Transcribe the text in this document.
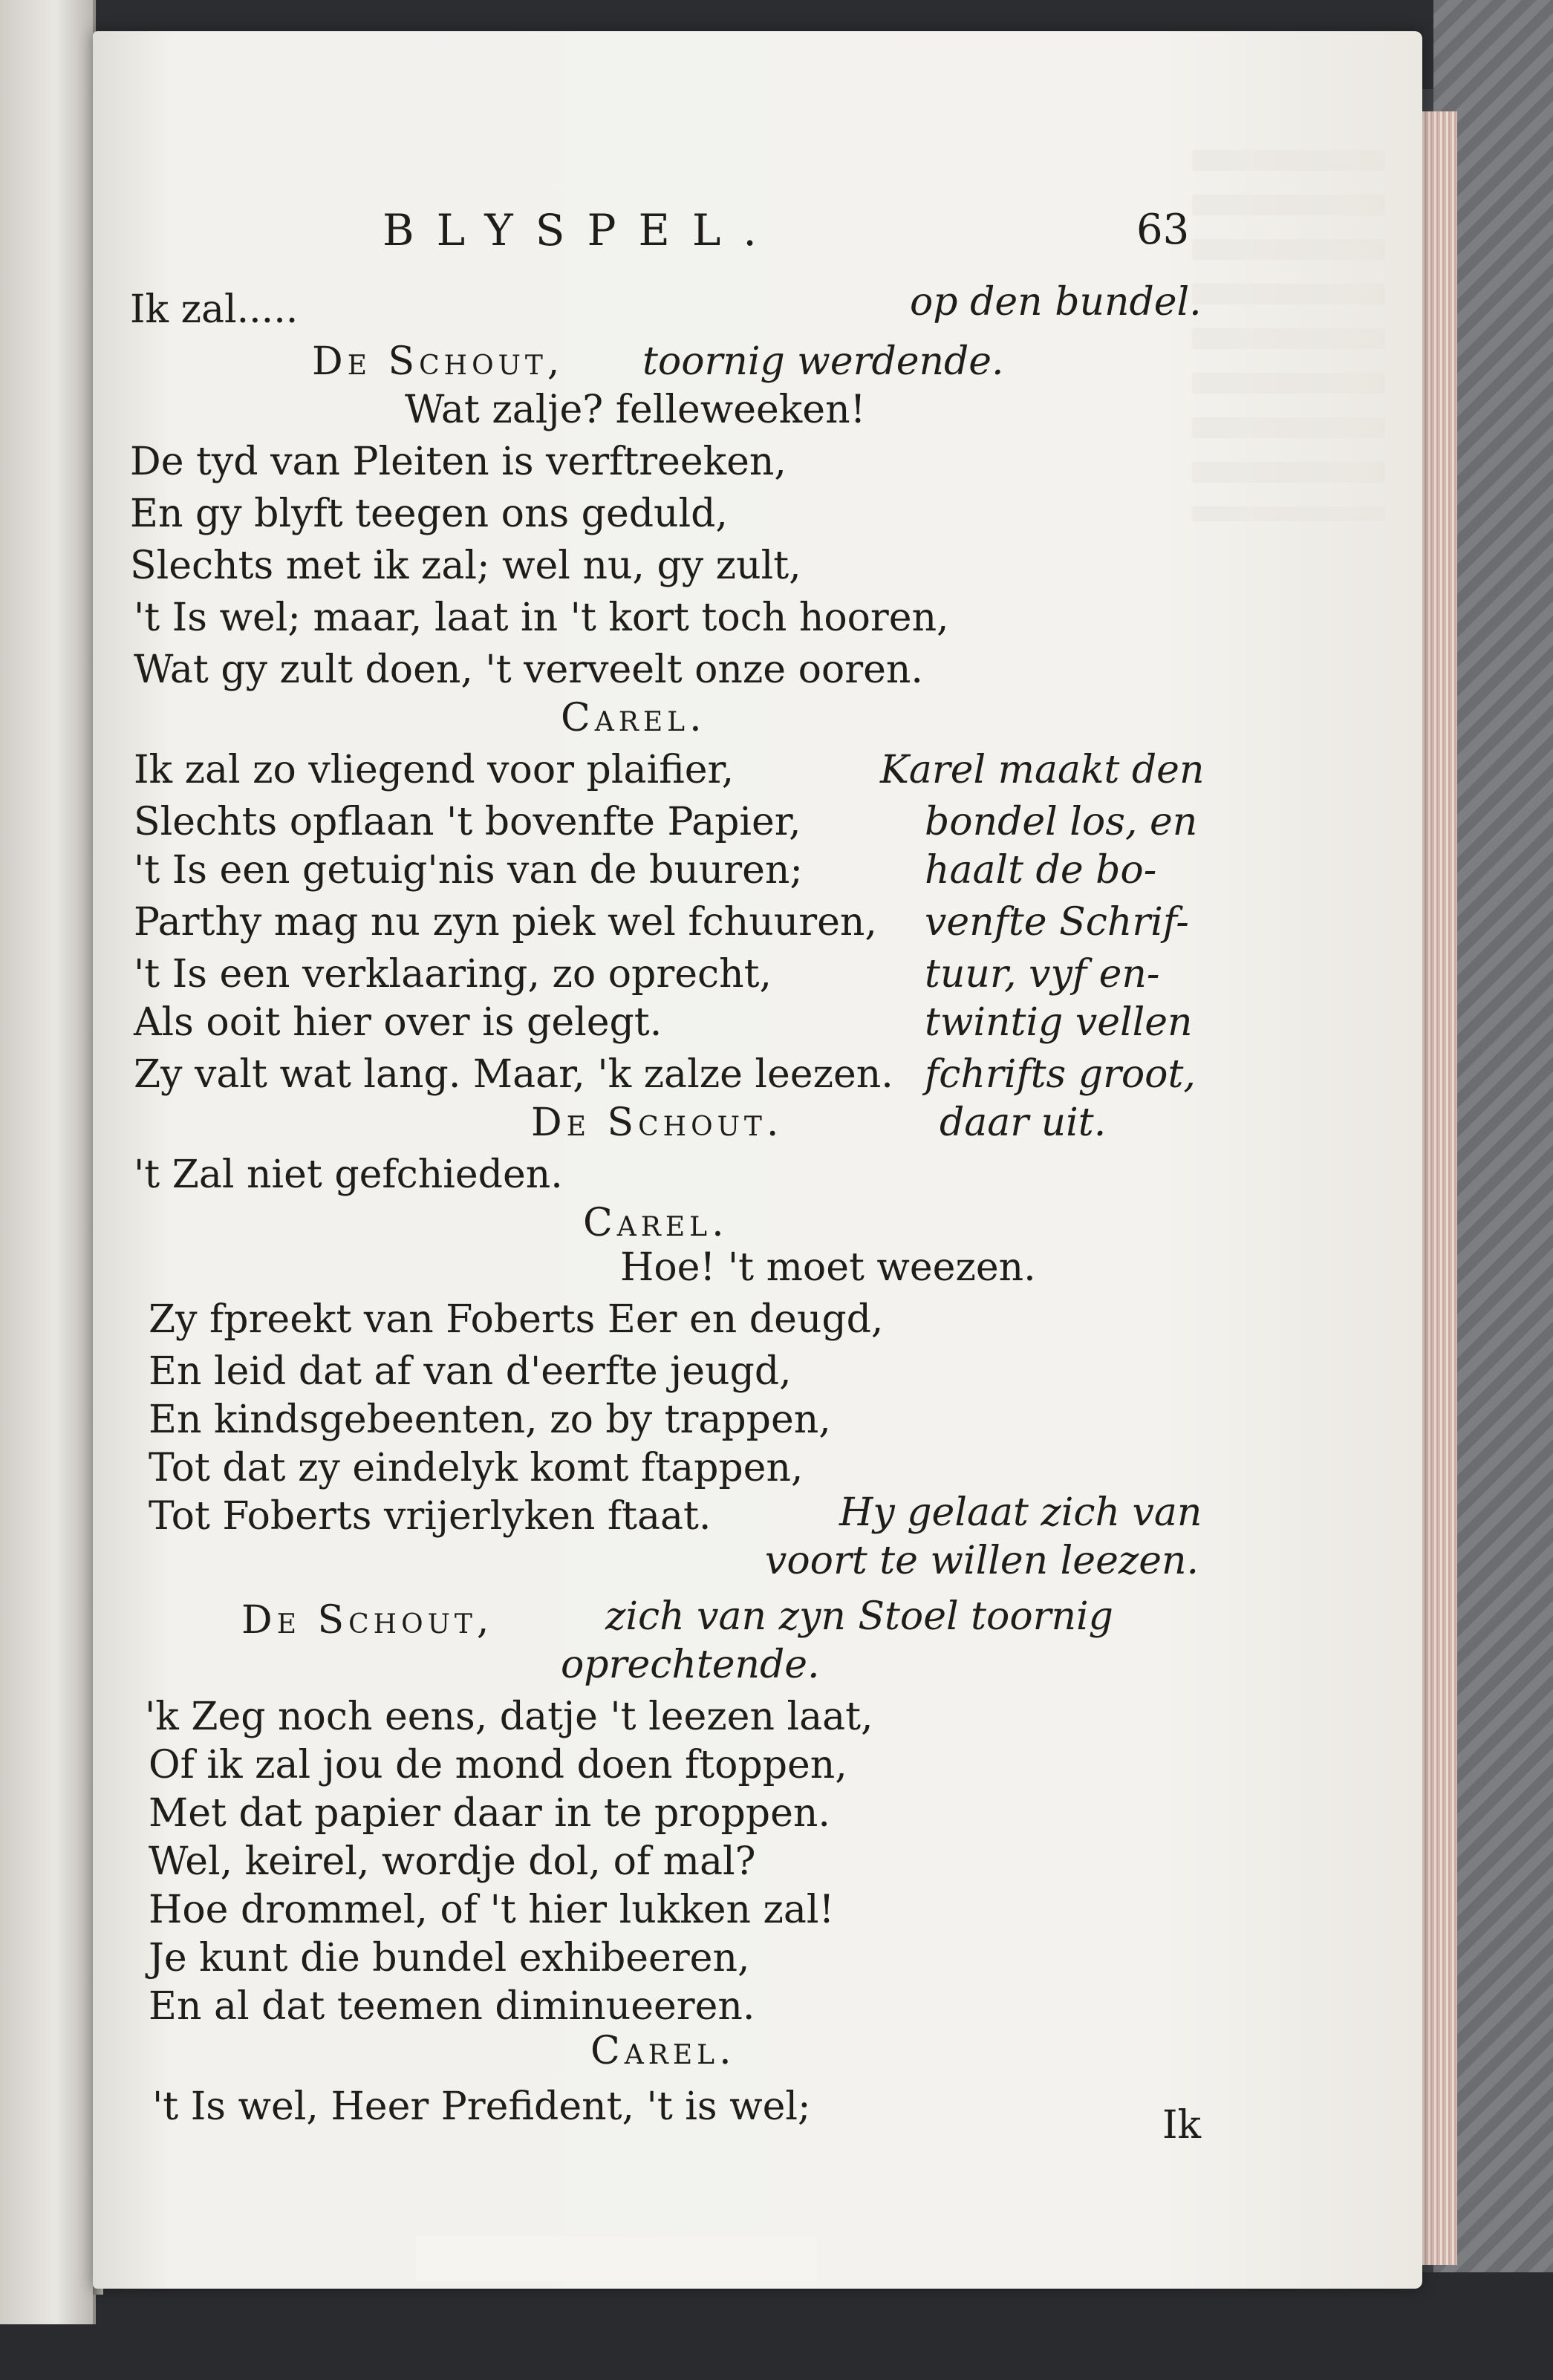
BLYSPEL.	63
Ik zal.....	op den bundel.
De Schout, toornig werdende.
Wat zalje? felleweeken!
De tyd van Pleiten is verftreeken,
En gy blyft teegen ons geduld,
Slechts met ik zal; wel nu, gy zult,
't Is wel; maar, laat in 't kort toch hooren,
Wat gy zult doen, 't verveelt onze ooren.
Carel.
Ik zal zo vliegend voor plaifier,
Slechts opflaan 't bovenfte Papier,
't Is een getuig'nis van de buuren;
Parthy mag nu zyn piek wel fchuuren,
't Is een verklaaring, zo oprecht,
Als ooit hier over is gelegt.
Zy valt wat lang. Maar, 'k zalze leezen.
Karel maakt den
bondel los, en
haalt de bo-
venfte Schrif-
tuur, vyf en-
twintig vellen
fchrifts groot,
daar uit.
De Schout.
't Zal niet gefchieden.
Carel.
Hoe! 't moet weezen.
Zy fpreekt van Foberts Eer en deugd,
En leid dat af van d'eerfte jeugd,
En kindsgebeenten, zo by trappen,
Tot dat zy eindelyk komt ftappen,
Tot Foberts vrijerlyken ftaat.	Hy gelaat zich van
voort te willen leezen.
De Schout,	zich van zyn Stoel toornig
oprechtende.
'k Zeg noch eens, datje 't leezen laat,
Of ik zal jou de mond doen ftoppen,
Met dat papier daar in te proppen.
Wel, keirel, wordje dol, of mal?
Hoe drommel, of 't hier lukken zal!
Je kunt die bundel exhibeeren,
En al dat teemen diminueeren.
Carel.
't Is wel, Heer Prefident, 't is wel;	Ik
